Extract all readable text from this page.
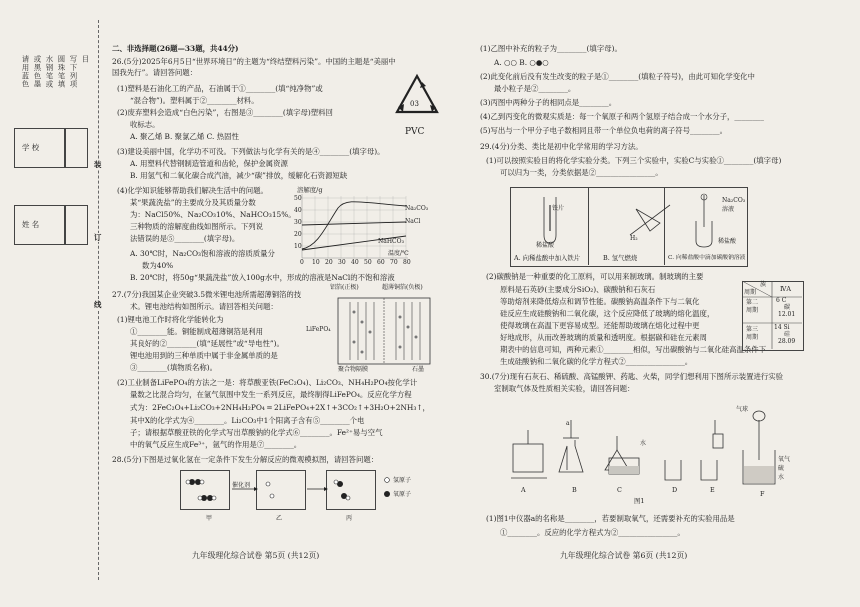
请用蓝色 或黑色墨 水钢笔或 圆珠笔填 写下列项 目
学 校
姓 名
装
订
线
二、非选择题(26题—33题，共44分)
26.(5分)2025年6月5日“世界环境日”的主题为“终结塑料污染”。中国的主题是“美丽中
国我先行”。请回答问题：
(1)塑料是石油化工的产品，石油属于①________(填“纯净物”或
“混合物”)。塑料属于②________材料。
(2)废弃塑料会造成“白色污染”，右图是③________(填字母)塑料回
收标志。
A. 聚乙烯 B. 聚氯乙烯 C. 热固性
(3)建设美丽中国，化学功不可没。下列做法与化学有关的是④________(填字母)。
A. 用塑料代替钢制造管道和齿轮，保护金属资源
B. 用氢气和二氧化碳合成汽油，减少“碳”排放，缓解化石资源短缺
(4)化学知识能够帮助我们解决生活中的问题。
某“果蔬洗盐”的主要成分及其质量分数
为：NaCl50%、Na₂CO₃10%、NaHCO₃15%。
三种物质的溶解度曲线如图所示。下列说
法错误的是⑤________(填字母)。
A. 30℃时，Na₂CO₃饱和溶液的溶质质量分
数为40%
B. 20℃时，将50g“果蔬洗盐”放入100g水中，形成的溶液是NaCl的不饱和溶液
27.(7分)我国某企业突破3.5微米锂电池所需超薄铜箔的技
术。锂电池结构如图所示。请回答相关问题：
(1)锂电池工作时将化学能转化为
①________能。铜能制成超薄铜箔是利用
其良好的②________(填“延展性”或“导电性”)。
锂电池用到的三种单质中属于非金属单质的是
③________(填物质名称)。
(2)工业制备LiFePO₄的方法之一是：将草酸亚铁(FeC₂O₄)、Li₂CO₃、NH₄H₂PO₄按化学计
量数之比混合均匀，在氩气氛围中发生一系列反应，最终制得LiFePO₄。反应化学方程
式为：2FeC₂O₄+Li₂CO₃+2NH₄H₂PO₄ ═ 2LiFePO₄+2X↑+3CO₂↑+3H₂O+2NH₃↑，
其中X的化学式为④________。Li₂CO₃中1个阳离子含有⑤________个电
子；请根据草酸亚铁的化学式写出草酸钠的化学式⑥________。Fe²⁺易与空气
中的氧气反应生成Fe³⁺，氩气的作用是⑦________。
28.(5分)下图是过氧化氢在一定条件下发生分解反应的微观模拟图，请回答问题：
03
PVC
溶解度/g
温度/℃
Na₂CO₃
NaCl
NaHCO₃
0 10 20 30 40 50 60 70 80
10
20
30
40
50
铝箔(正极)	超薄铜箔(负极)
LiFePO₄
聚合物隔膜	石墨
催化剂
甲	乙	丙
氢原子
氧原子
九年级理化综合试卷 第5页 (共12页)
(1)乙图中补充的粒子为________(填字母)。
A. ○○ B. ○●○
(2)此变化前后没有发生改变的粒子是①________(填粒子符号)，由此可知化学变化中
最小粒子是②________。
(3)丙图中两种分子的相同点是________。
(4)乙到丙变化的微观实质是：每一个氧原子和两个氢原子结合成一个水分子，________
(5)写出与一个甲分子电子数相同且带一个单位负电荷的离子符号________。
29.(4分)分类、类比是初中化学常用的学习方法。
(1)可以按照实验目的将化学实验分类。下列三个实验中，实验C与实验①________(填字母)
可以归为一类，分类依据是②________________。
(2)碳酸钠是一种重要的化工原料，可以用来制玻璃。制玻璃的主要
原料是石英砂(主要成分SiO₂)、碳酸钠和石灰石
等助熔剂来降低熔点和调节性能。碳酸钠高温条件下与二氧化
硅反应生成硅酸钠和二氧化碳，这个反应降低了玻璃的熔化温度，
使得玻璃在高温下更容易成型。还能帮助玻璃在熔化过程中更
好地成形，从而改善玻璃的质量和透明度。根据碳和硅在元素周
期表中的信息可知，两种元素①________相似，写出碳酸钠与二氧化硅高温条件下
生成硅酸钠和二氧化碳的化学方程式②________________。
30.(7分)现有石灰石、稀硫酸、高锰酸钾、药匙、火柴，同学们想利用下图所示装置进行实验
室制取气体及性质相关实验，请回答问题：
(1)图1中仪器a的名称是________，若要制取氧气，还需要补充的实验用品是
①________。反应的化学方程式为②________________。
铁片
稀盐酸
H₂
Na₂CO₃
溶液
稀盐酸
A. 向稀盐酸中加入铁片	B. 氢气燃烧	C. 向稀盐酸中滴加碳酸钠溶液
族
周期	ⅣA
第二
周期
6 C
碳
12.01
第三
周期
14 Si
硅
28.09
A	B	C	D	E	F
图1
a
水
气球
氧气
硫
水
九年级理化综合试卷 第6页 (共12页)
